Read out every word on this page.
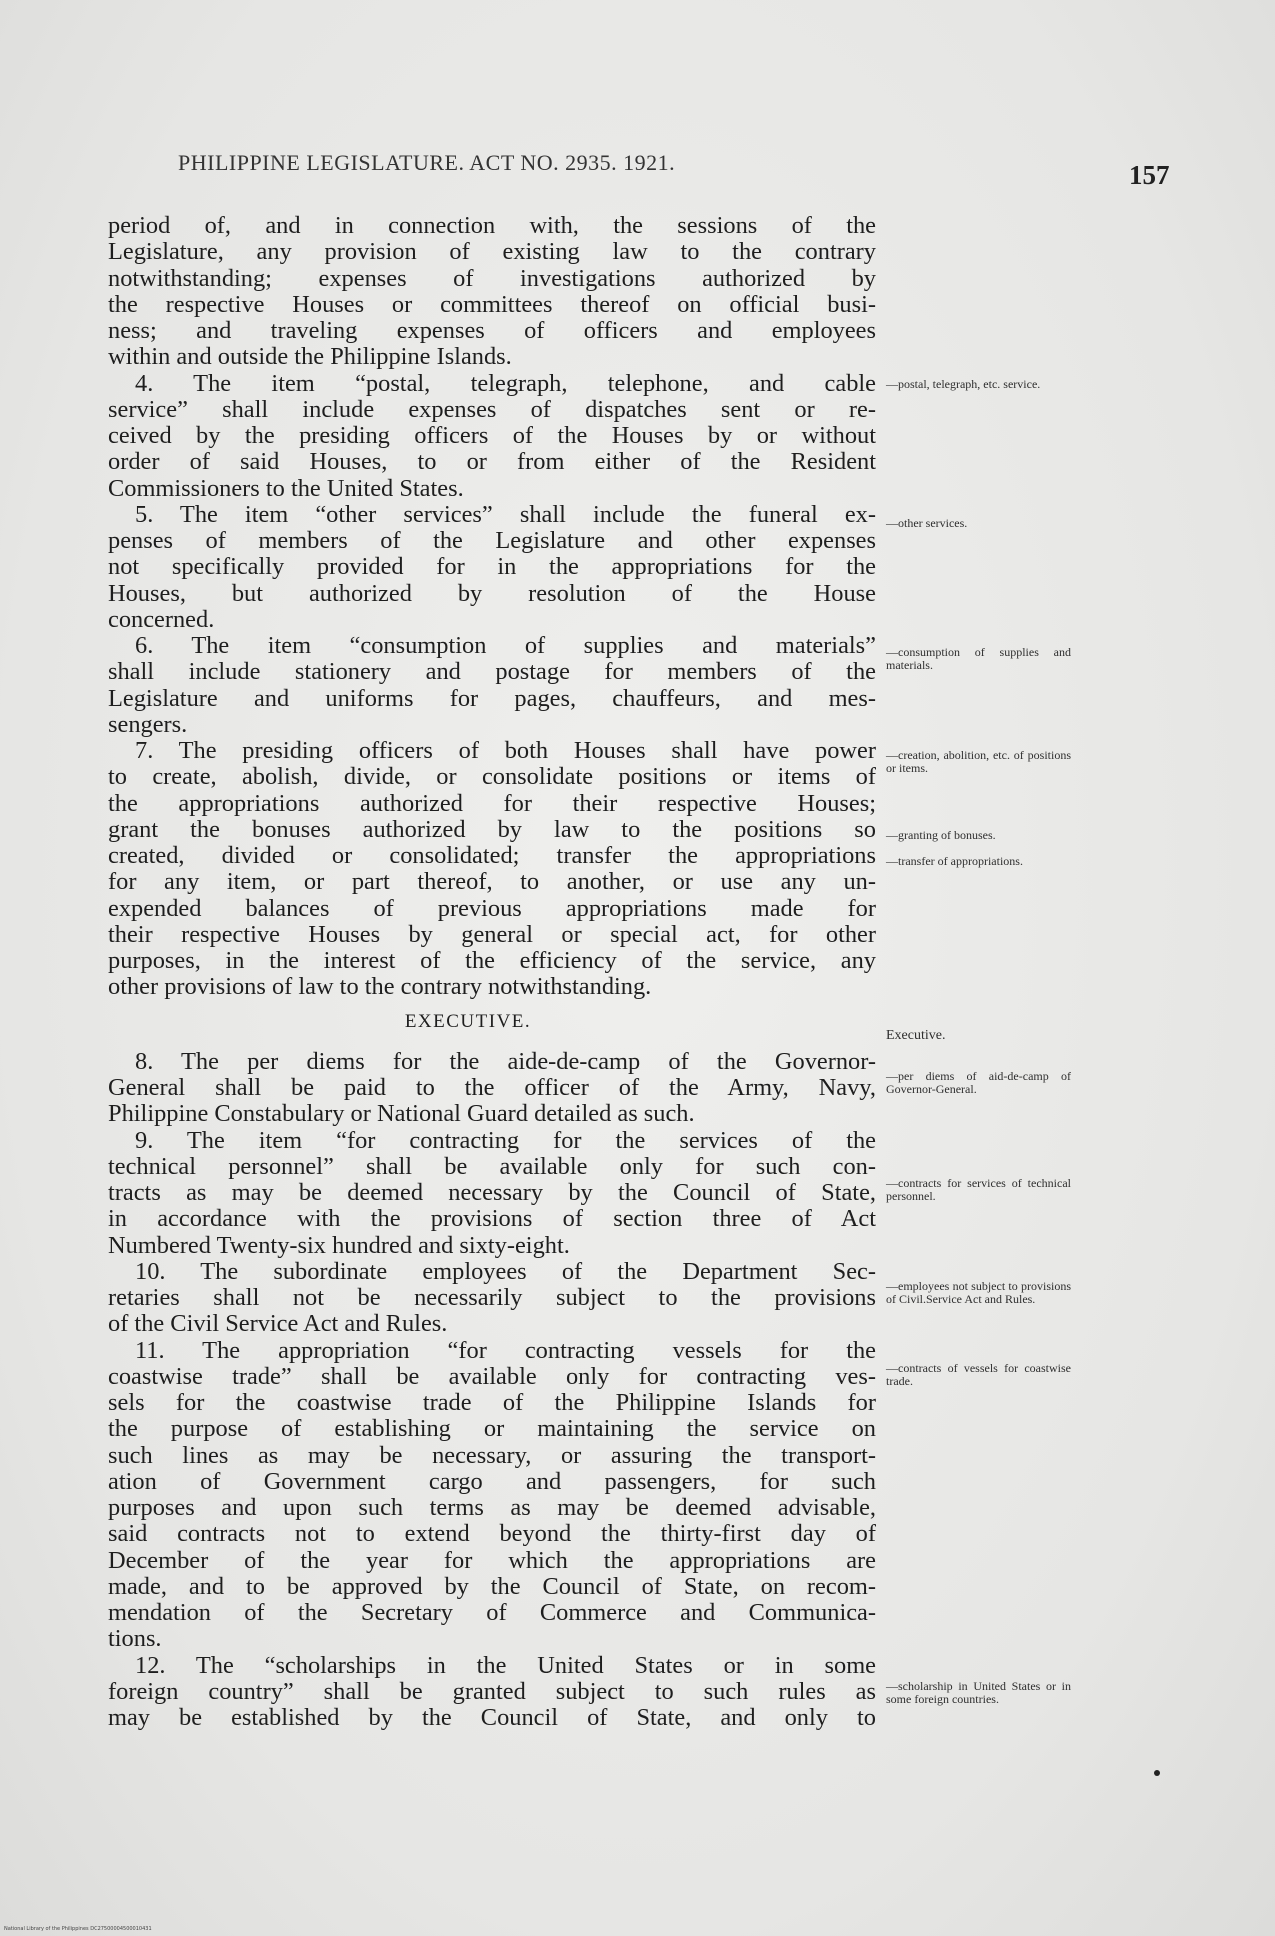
PHILIPPINE LEGISLATURE. ACT NO. 2935. 1921.	157
period of, and in connection with, the sessions of the
Legislature, any provision of existing law to the contrary
notwithstanding; expenses of investigations authorized by
the respective Houses or committees thereof on official busi-
ness; and traveling expenses of officers and employees
within and outside the Philippine Islands.
4. The item “postal, telegraph, telephone, and cable
service” shall include expenses of dispatches sent or re-
ceived by the presiding officers of the Houses by or without
order of said Houses, to or from either of the Resident
Commissioners to the United States.
5. The item “other services” shall include the funeral ex-
penses of members of the Legislature and other expenses
not specifically provided for in the appropriations for the
Houses, but authorized by resolution of the House
concerned.
6. The item “consumption of supplies and materials”
shall include stationery and postage for members of the
Legislature and uniforms for pages, chauffeurs, and mes-
sengers.
7. The presiding officers of both Houses shall have power
to create, abolish, divide, or consolidate positions or items of
the appropriations authorized for their respective Houses;
grant the bonuses authorized by law to the positions so
created, divided or consolidated; transfer the appropriations
for any item, or part thereof, to another, or use any un-
expended balances of previous appropriations made for
their respective Houses by general or special act, for other
purposes, in the interest of the efficiency of the service, any
other provisions of law to the contrary notwithstanding.
EXECUTIVE.
8. The per diems for the aide-de-camp of the Governor-
General shall be paid to the officer of the Army, Navy,
Philippine Constabulary or National Guard detailed as such.
9. The item “for contracting for the services of the
technical personnel” shall be available only for such con-
tracts as may be deemed necessary by the Council of State,
in accordance with the provisions of section three of Act
Numbered Twenty-six hundred and sixty-eight.
10. The subordinate employees of the Department Sec-
retaries shall not be necessarily subject to the provisions
of the Civil Service Act and Rules.
11. The appropriation “for contracting vessels for the
coastwise trade” shall be available only for contracting ves-
sels for the coastwise trade of the Philippine Islands for
the purpose of establishing or maintaining the service on
such lines as may be necessary, or assuring the transport-
ation of Government cargo and passengers, for such
purposes and upon such terms as may be deemed advisable,
said contracts not to extend beyond the thirty-first day of
December of the year for which the appropriations are
made, and to be approved by the Council of State, on recom-
mendation of the Secretary of Commerce and Communica-
tions.
12. The “scholarships in the United States or in some
foreign country” shall be granted subject to such rules as
may be established by the Council of State, and only to
—postal, telegraph, etc. service.
—other services.
—consumption of supplies and materials.
—creation, abolition, etc. of positions or items.
—granting of bonuses.
—transfer of appropriations.
Executive.
—per diems of aid-de-camp of Governor-General.
—contracts for services of technical personnel.
—employees not subject to provisions of Civil.Service Act and Rules.
—contracts of vessels for coastwise trade.
—scholarship in United States or in some foreign countries.
National Library of the Philippines DC27500004500010431
